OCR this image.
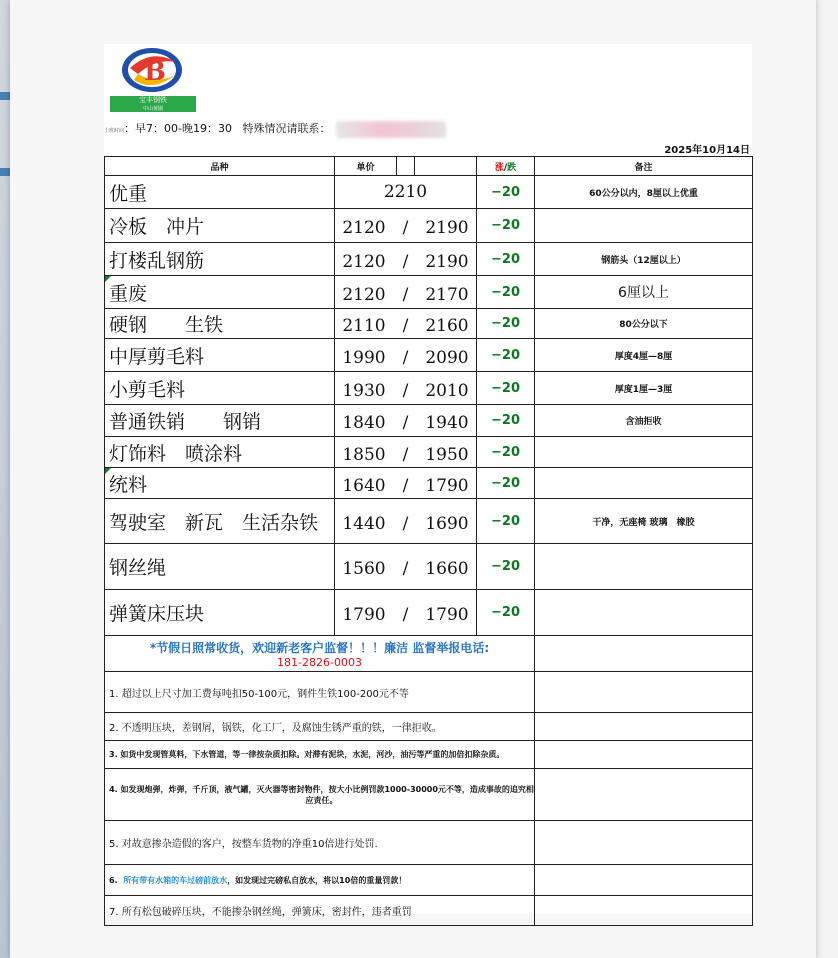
B
宝丰钢铁
中山黄圃
上班时间：早7：00-晚19：30 特殊情况请联系：
2025年10月14日
品种	单价			涨/跌	备注
优重	2210			−20	60公分以内，8厘以上优重
冷板　冲片	2120　/　2190			−20	
打楼乱钢筋	2120　/　2190			−20	钢筋头（12厘以上）
重废	2120　/　2170			−20	6厘以上
硬钢　　生铁	2110　/　2160			−20	80公分以下
中厚剪毛料	1990　/　2090			−20	厚度4厘—8厘
小剪毛料	1930　/　2010			−20	厚度1厘—3厘
普通铁销　　钢销	1840　/　1940			−20	含油拒收
灯饰料　喷涂料	1850　/　1950			−20	
统料	1640　/　1790			−20	
驾驶室　新瓦　生活杂铁	1440　/　1690			−20	干净，无座椅 玻璃　橡胶
钢丝绳	1560　/　1660			−20	
弹簧床压块	1790　/　1790			−20	
*节假日照常收货，欢迎新老客户监督！！！廉洁 监督举报电话:
181-2826-0003					

1. 超过以上尺寸加工费每吨扣50-100元，钢件生铁100-200元不等					
2. 不透明压块，差钢屑，锅铁，化工厂，及腐蚀生锈严重的铁，一律拒收。					
3. 如货中发现管莫料，下水管道，等一律按杂质扣除。对滞有泥块，水泥，河沙，油污等严重的加倍扣除杂质。					
4. 如发现炮弹，炸弹，千斤顶，液气罐，灭火器等密封物件，按大小比例罚款1000-30000元不等，造成事故的追究相应责任。					
5. 对故意掺杂造假的客户，按整车货物的净重10倍进行处罚.					
6. 所有带有水箱的车过磅前放水，如发现过完磅私自放水，将以10倍的重量罚款！					
7. 所有松包破碎压块，不能掺杂钢丝绳，弹簧床，密封件，违者重罚					
